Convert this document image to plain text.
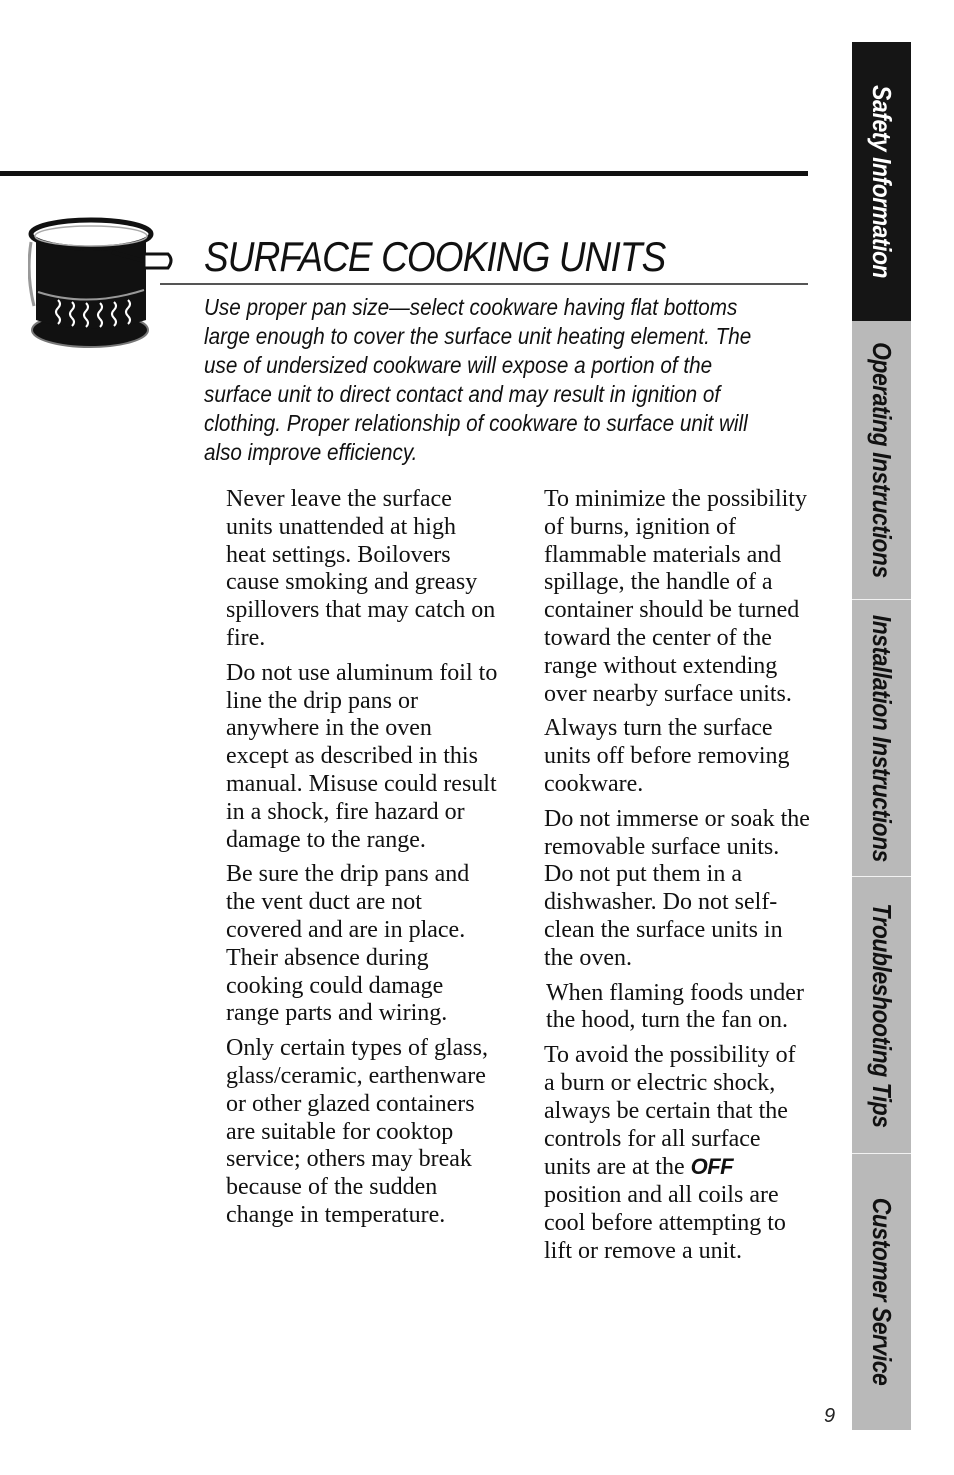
SURFACE COOKING UNITS

Use proper pan size—select cookware having flat bottoms large enough to cover the surface unit heating element. The use of undersized cookware will expose a portion of the surface unit to direct contact and may result in ignition of clothing. Proper relationship of cookware to surface unit will also improve efficiency.

Never leave the surface units unattended at high heat settings. Boilovers cause smoking and greasy spillovers that may catch on fire.

Do not use aluminum foil to line the drip pans or anywhere in the oven except as described in this manual. Misuse could result in a shock, fire hazard or damage to the range.

Be sure the drip pans and the vent duct are not covered and are in place. Their absence during cooking could damage range parts and wiring.

Only certain types of glass, glass/ceramic, earthenware or other glazed containers are suitable for cooktop service; others may break because of the sudden change in temperature.

To minimize the possibility of burns, ignition of flammable materials and spillage, the handle of a container should be turned toward the center of the range without extending over nearby surface units.

Always turn the surface units off before removing cookware.

Do not immerse or soak the removable surface units. Do not put them in a dishwasher. Do not self-clean the surface units in the oven.

When flaming foods under the hood, turn the fan on.

To avoid the possibility of a burn or electric shock, always be certain that the controls for all surface units are at the OFF position and all coils are cool before attempting to lift or remove a unit.

Safety Information
Operating Instructions
Installation Instructions
Troubleshooting Tips
Customer Service
9
